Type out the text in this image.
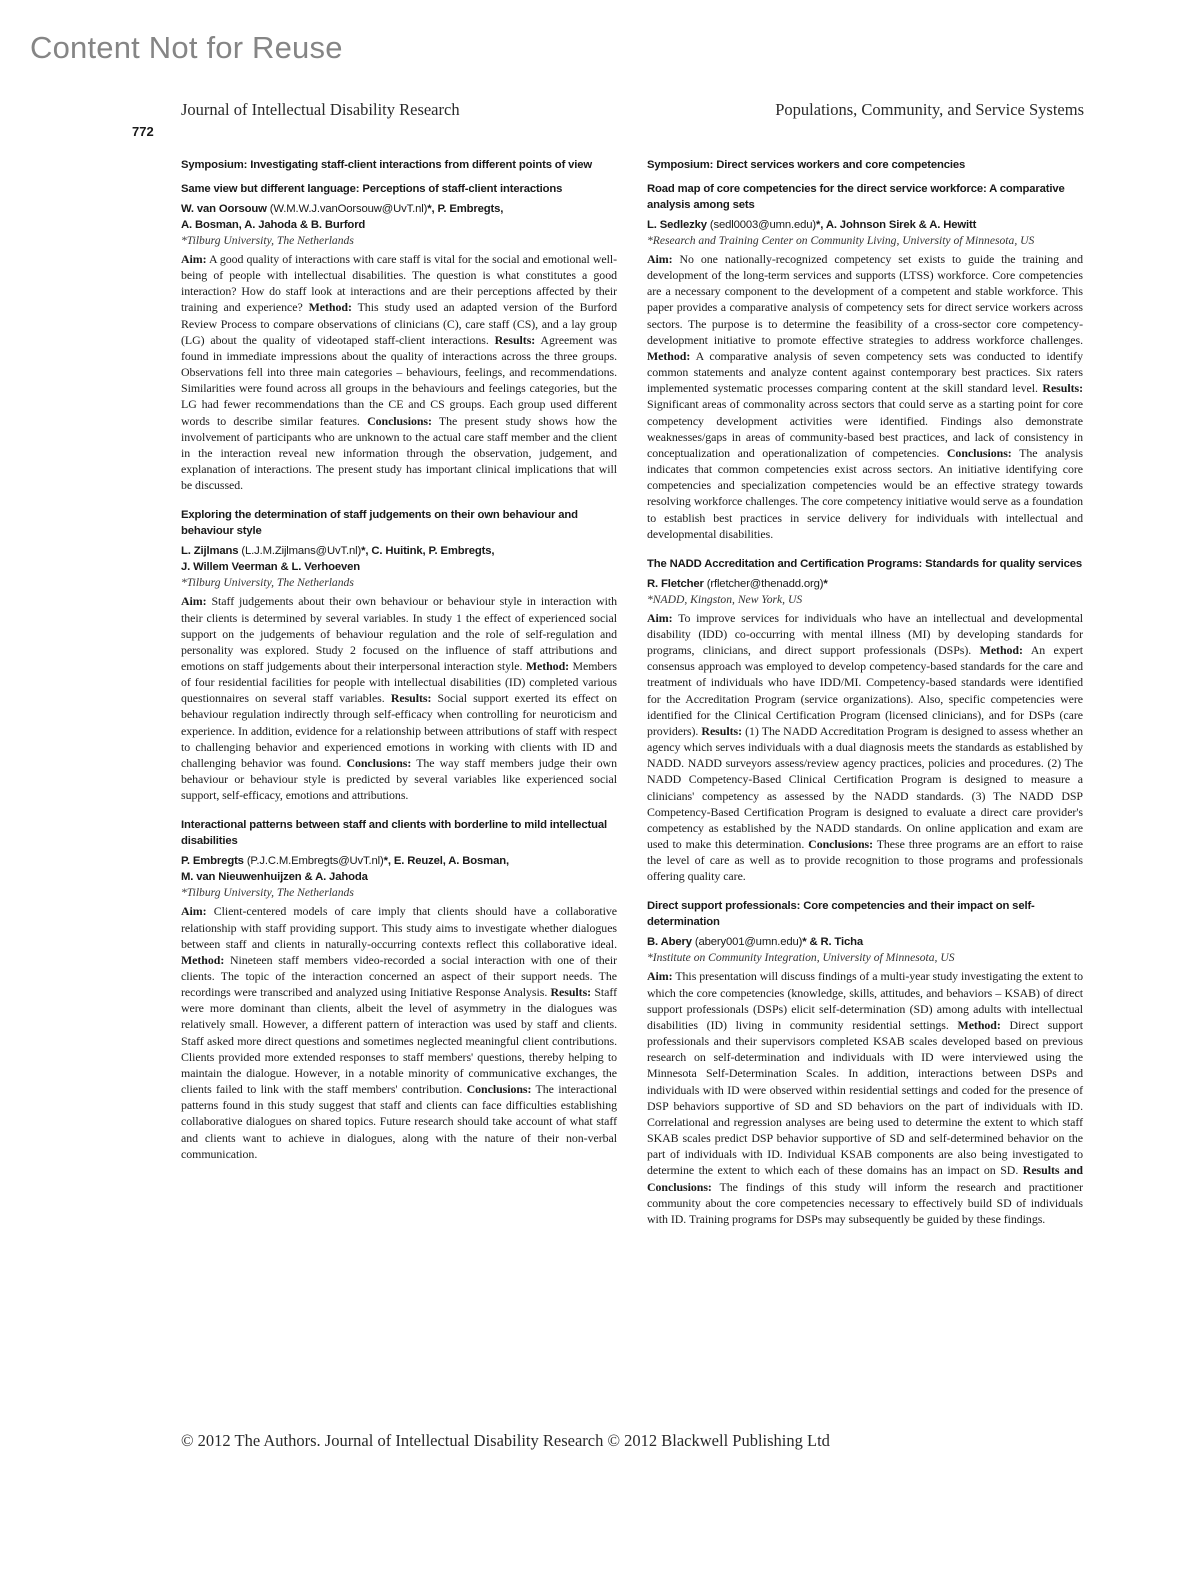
Content Not for Reuse
Journal of Intellectual Disability Research	Populations, Community, and Service Systems
772

Symposium: Investigating staff-client interactions from different points of view

Same view but different language: Perceptions of staff-client interactions

W. van Oorsouw (W.M.W.J.vanOorsouw@UvT.nl)*, P. Embregts,
A. Bosman, A. Jahoda & B. Burford

*Tilburg University, The Netherlands

Aim: A good quality of interactions with care staff is vital for the social and emotional well-being of people with intellectual disabilities. The question is what constitutes a good interaction? How do staff look at interactions and are their perceptions affected by their training and experience? Method: This study used an adapted version of the Burford Review Process to compare observations of clinicians (C), care staff (CS), and a lay group (LG) about the quality of videotaped staff-client interactions. Results: Agreement was found in immediate impressions about the quality of interactions across the three groups. Observations fell into three main categories – behaviours, feelings, and recommendations. Similarities were found across all groups in the behaviours and feelings categories, but the LG had fewer recommendations than the CE and CS groups. Each group used different words to describe similar features. Conclusions: The present study shows how the involvement of participants who are unknown to the actual care staff member and the client in the interaction reveal new information through the observation, judgement, and explanation of interactions. The present study has important clinical implications that will be discussed.

Exploring the determination of staff judgements on their own behaviour and behaviour style

L. Zijlmans (L.J.M.Zijlmans@UvT.nl)*, C. Huitink, P. Embregts,
J. Willem Veerman & L. Verhoeven

*Tilburg University, The Netherlands

Aim: Staff judgements about their own behaviour or behaviour style in interaction with their clients is determined by several variables. In study 1 the effect of experienced social support on the judgements of behaviour regulation and the role of self-regulation and personality was explored. Study 2 focused on the influence of staff attributions and emotions on staff judgements about their interpersonal interaction style. Method: Members of four residential facilities for people with intellectual disabilities (ID) completed various questionnaires on several staff variables. Results: Social support exerted its effect on behaviour regulation indirectly through self-efficacy when controlling for neuroticism and experience. In addition, evidence for a relationship between attributions of staff with respect to challenging behavior and experienced emotions in working with clients with ID and challenging behavior was found. Conclusions: The way staff members judge their own behaviour or behaviour style is predicted by several variables like experienced social support, self-efficacy, emotions and attributions.

Interactional patterns between staff and clients with borderline to mild intellectual disabilities

P. Embregts (P.J.C.M.Embregts@UvT.nl)*, E. Reuzel, A. Bosman,
M. van Nieuwenhuijzen & A. Jahoda

*Tilburg University, The Netherlands

Aim: Client-centered models of care imply that clients should have a collaborative relationship with staff providing support. This study aims to investigate whether dialogues between staff and clients in naturally-occurring contexts reflect this collaborative ideal. Method: Nineteen staff members video-recorded a social interaction with one of their clients. The topic of the interaction concerned an aspect of their support needs. The recordings were transcribed and analyzed using Initiative Response Analysis. Results: Staff were more dominant than clients, albeit the level of asymmetry in the dialogues was relatively small. However, a different pattern of interaction was used by staff and clients. Staff asked more direct questions and sometimes neglected meaningful client contributions. Clients provided more extended responses to staff members' questions, thereby helping to maintain the dialogue. However, in a notable minority of communicative exchanges, the clients failed to link with the staff members' contribution. Conclusions: The interactional patterns found in this study suggest that staff and clients can face difficulties establishing collaborative dialogues on shared topics. Future research should take account of what staff and clients want to achieve in dialogues, along with the nature of their non-verbal communication.

Symposium: Direct services workers and core competencies

Road map of core competencies for the direct service workforce: A comparative analysis among sets

L. Sedlezky (sedl0003@umn.edu)*, A. Johnson Sirek & A. Hewitt

*Research and Training Center on Community Living, University of Minnesota, US

Aim: No one nationally-recognized competency set exists to guide the training and development of the long-term services and supports (LTSS) workforce. Core competencies are a necessary component to the development of a competent and stable workforce. This paper provides a comparative analysis of competency sets for direct service workers across sectors. The purpose is to determine the feasibility of a cross-sector core competency-development initiative to promote effective strategies to address workforce challenges. Method: A comparative analysis of seven competency sets was conducted to identify common statements and analyze content against contemporary best practices. Six raters implemented systematic processes comparing content at the skill standard level. Results: Significant areas of commonality across sectors that could serve as a starting point for core competency development activities were identified. Findings also demonstrate weaknesses/gaps in areas of community-based best practices, and lack of consistency in conceptualization and operationalization of competencies. Conclusions: The analysis indicates that common competencies exist across sectors. An initiative identifying core competencies and specialization competencies would be an effective strategy towards resolving workforce challenges. The core competency initiative would serve as a foundation to establish best practices in service delivery for individuals with intellectual and developmental disabilities.

The NADD Accreditation and Certification Programs: Standards for quality services

R. Fletcher (rfletcher@thenadd.org)*

*NADD, Kingston, New York, US

Aim: To improve services for individuals who have an intellectual and developmental disability (IDD) co-occurring with mental illness (MI) by developing standards for programs, clinicians, and direct support professionals (DSPs). Method: An expert consensus approach was employed to develop competency-based standards for the care and treatment of individuals who have IDD/MI. Competency-based standards were identified for the Accreditation Program (service organizations). Also, specific competencies were identified for the Clinical Certification Program (licensed clinicians), and for DSPs (care providers). Results: (1) The NADD Accreditation Program is designed to assess whether an agency which serves individuals with a dual diagnosis meets the standards as established by NADD. NADD surveyors assess/review agency practices, policies and procedures. (2) The NADD Competency-Based Clinical Certification Program is designed to measure a clinicians' competency as assessed by the NADD standards. (3) The NADD DSP Competency-Based Certification Program is designed to evaluate a direct care provider's competency as established by the NADD standards. On online application and exam are used to make this determination. Conclusions: These three programs are an effort to raise the level of care as well as to provide recognition to those programs and professionals offering quality care.

Direct support professionals: Core competencies and their impact on self-determination

B. Abery (abery001@umn.edu)* & R. Ticha

*Institute on Community Integration, University of Minnesota, US

Aim: This presentation will discuss findings of a multi-year study investigating the extent to which the core competencies (knowledge, skills, attitudes, and behaviors – KSAB) of direct support professionals (DSPs) elicit self-determination (SD) among adults with intellectual disabilities (ID) living in community residential settings. Method: Direct support professionals and their supervisors completed KSAB scales developed based on previous research on self-determination and individuals with ID were interviewed using the Minnesota Self-Determination Scales. In addition, interactions between DSPs and individuals with ID were observed within residential settings and coded for the presence of DSP behaviors supportive of SD and SD behaviors on the part of individuals with ID. Correlational and regression analyses are being used to determine the extent to which staff SKAB scales predict DSP behavior supportive of SD and self-determined behavior on the part of individuals with ID. Individual KSAB components are also being investigated to determine the extent to which each of these domains has an impact on SD. Results and Conclusions: The findings of this study will inform the research and practitioner community about the core competencies necessary to effectively build SD of individuals with ID. Training programs for DSPs may subsequently be guided by these findings.

© 2012 The Authors. Journal of Intellectual Disability Research © 2012 Blackwell Publishing Ltd
